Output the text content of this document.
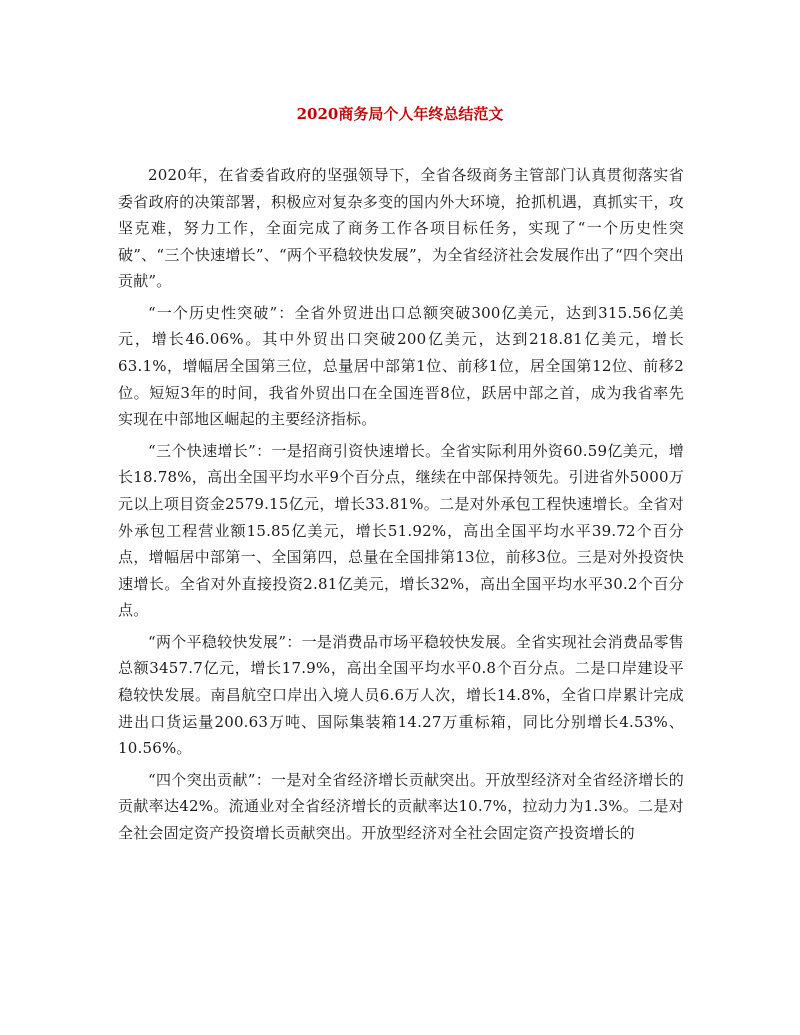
2020商务局个人年终总结范文

2020年，在省委省政府的坚强领导下，全省各级商务主管部门认真贯彻落实省委省政府的决策部署，积极应对复杂多变的国内外大环境，抢抓机遇，真抓实干，攻坚克难，努力工作，全面完成了商务工作各项目标任务，实现了“一个历史性突破”、“三个快速增长”、“两个平稳较快发展”，为全省经济社会发展作出了“四个突出贡献”。

“一个历史性突破”：全省外贸进出口总额突破300亿美元，达到315.56亿美元，增长46.06%。其中外贸出口突破200亿美元，达到218.81亿美元，增长63.1%，增幅居全国第三位，总量居中部第1位、前移1位，居全国第12位、前移2位。短短3年的时间，我省外贸出口在全国连晋8位，跃居中部之首，成为我省率先实现在中部地区崛起的主要经济指标。

“三个快速增长”：一是招商引资快速增长。全省实际利用外资60.59亿美元，增长18.78%，高出全国平均水平9个百分点，继续在中部保持领先。引进省外5000万元以上项目资金2579.15亿元，增长33.81%。二是对外承包工程快速增长。全省对外承包工程营业额15.85亿美元，增长51.92%，高出全国平均水平39.72个百分点，增幅居中部第一、全国第四，总量在全国排第13位，前移3位。三是对外投资快速增长。全省对外直接投资2.81亿美元，增长32%，高出全国平均水平30.2个百分点。

“两个平稳较快发展”：一是消费品市场平稳较快发展。全省实现社会消费品零售总额3457.7亿元，增长17.9%，高出全国平均水平0.8个百分点。二是口岸建设平稳较快发展。南昌航空口岸出入境人员6.6万人次，增长14.8%，全省口岸累计完成进出口货运量200.63万吨、国际集装箱14.27万重标箱，同比分别增长4.53%、10.56%。

“四个突出贡献”：一是对全省经济增长贡献突出。开放型经济对全省经济增长的贡献率达42%。流通业对全省经济增长的贡献率达10.7%，拉动力为1.3%。二是对全社会固定资产投资增长贡献突出。开放型经济对全社会固定资产投资增长的
